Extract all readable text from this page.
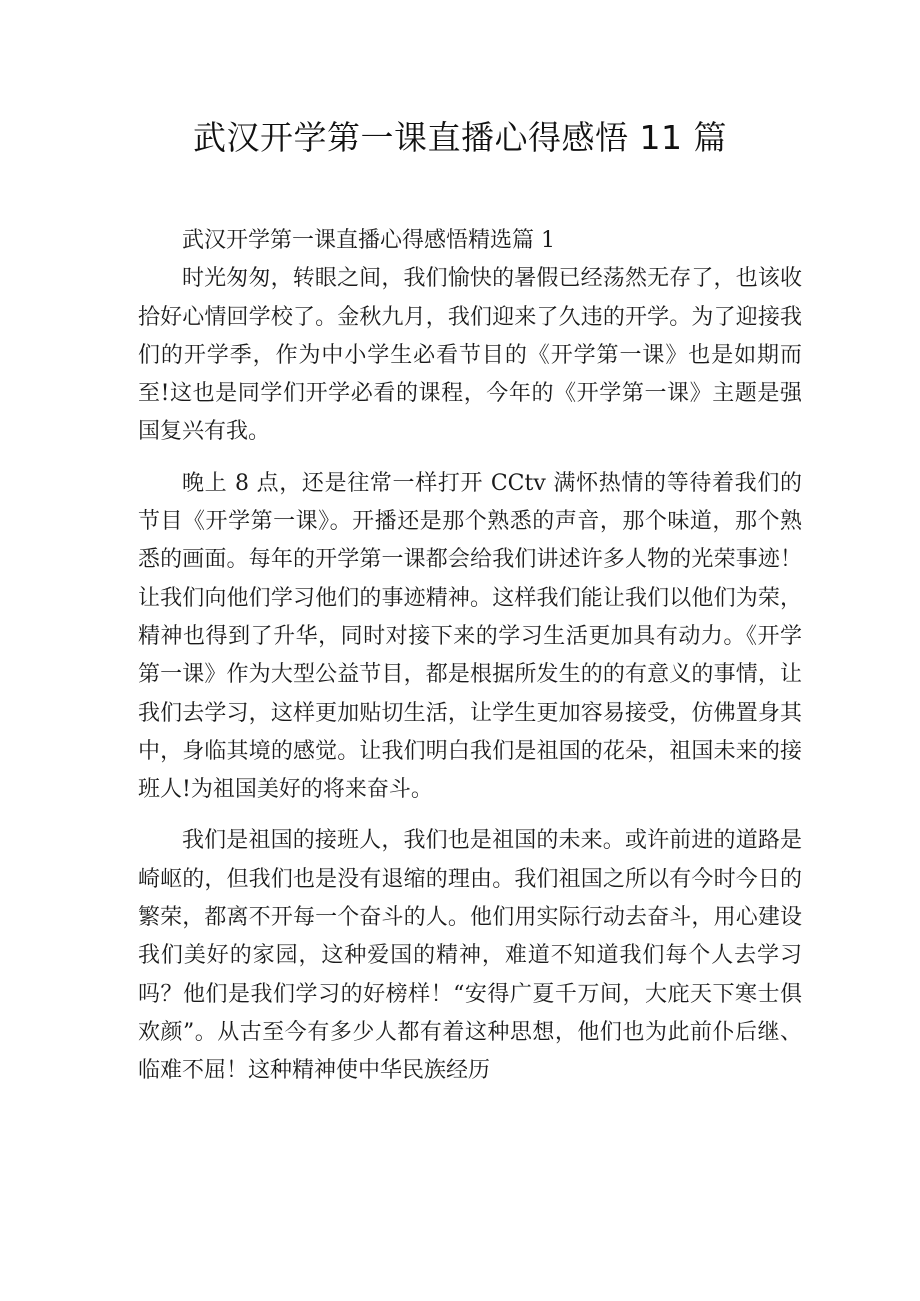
武汉开学第一课直播心得感悟 11 篇

武汉开学第一课直播心得感悟精选篇 1

时光匆匆，转眼之间，我们愉快的暑假已经荡然无存了，也该收拾好心情回学校了。金秋九月，我们迎来了久违的开学。为了迎接我们的开学季，作为中小学生必看节目的《开学第一课》也是如期而至!这也是同学们开学必看的课程，今年的《开学第一课》主题是强国复兴有我。

晚上 8 点，还是往常一样打开 CCtv 满怀热情的等待着我们的节目《开学第一课》。开播还是那个熟悉的声音，那个味道，那个熟悉的画面。每年的开学第一课都会给我们讲述许多人物的光荣事迹！让我们向他们学习他们的事迹精神。这样我们能让我们以他们为荣，精神也得到了升华，同时对接下来的学习生活更加具有动力。《开学第一课》作为大型公益节目，都是根据所发生的的有意义的事情，让我们去学习，这样更加贴切生活，让学生更加容易接受，仿佛置身其中，身临其境的感觉。让我们明白我们是祖国的花朵，祖国未来的接班人!为祖国美好的将来奋斗。

我们是祖国的接班人，我们也是祖国的未来。或许前进的道路是崎岖的，但我们也是没有退缩的理由。我们祖国之所以有今时今日的繁荣，都离不开每一个奋斗的人。他们用实际行动去奋斗，用心建设我们美好的家园，这种爱国的精神，难道不知道我们每个人去学习吗？他们是我们学习的好榜样！“安得广夏千万间，大庇天下寒士俱欢颜”。从古至今有多少人都有着这种思想，他们也为此前仆后继、临难不屈！这种精神使中华民族经历
